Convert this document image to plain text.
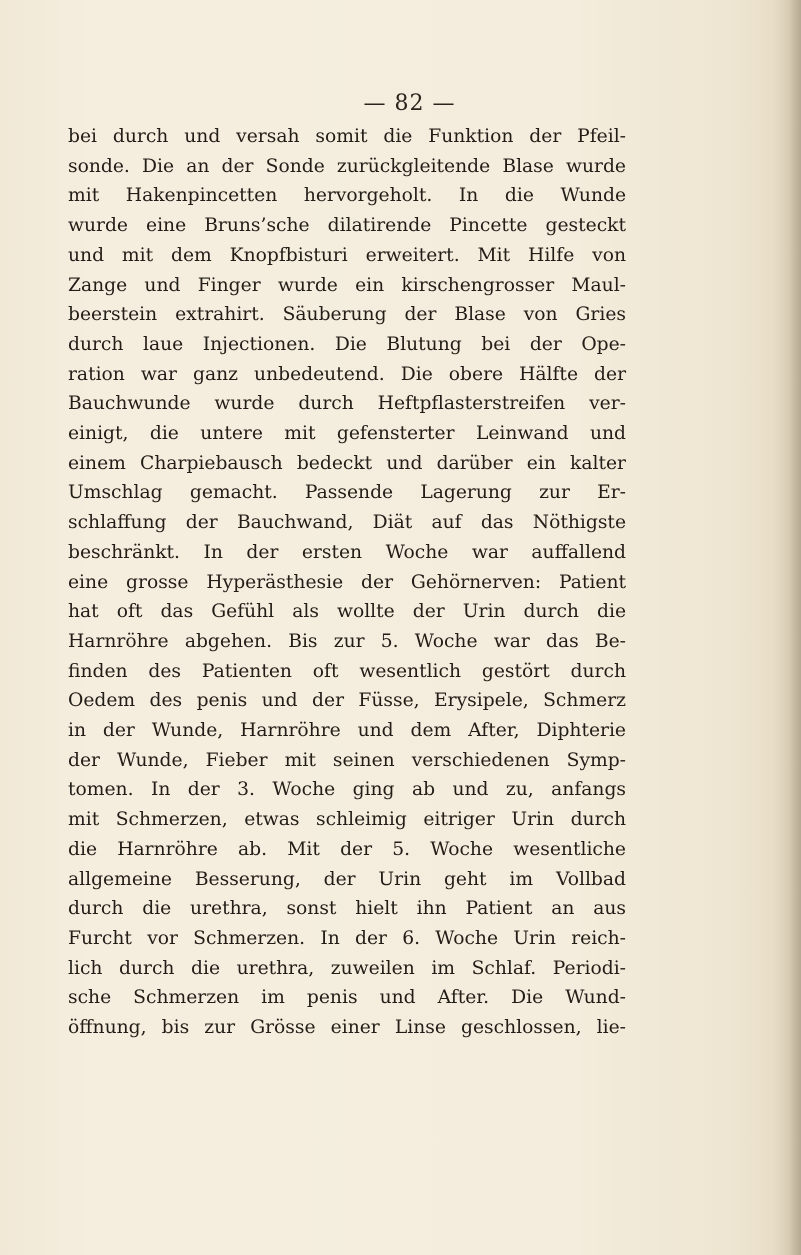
— 82 —
bei durch und versah somit die Funktion der Pfeil-
sonde. Die an der Sonde zurückgleitende Blase wurde
mit Hakenpincetten hervorgeholt. In die Wunde
wurde eine Bruns’sche dilatirende Pincette gesteckt
und mit dem Knopfbisturi erweitert. Mit Hilfe von
Zange und Finger wurde ein kirschengrosser Maul-
beerstein extrahirt. Säuberung der Blase von Gries
durch laue Injectionen. Die Blutung bei der Ope-
ration war ganz unbedeutend. Die obere Hälfte der
Bauchwunde wurde durch Heftpflasterstreifen ver-
einigt, die untere mit gefensterter Leinwand und
einem Charpiebausch bedeckt und darüber ein kalter
Umschlag gemacht. Passende Lagerung zur Er-
schlaffung der Bauchwand, Diät auf das Nöthigste
beschränkt. In der ersten Woche war auffallend
eine grosse Hyperästhesie der Gehörnerven: Patient
hat oft das Gefühl als wollte der Urin durch die
Harnröhre abgehen. Bis zur 5. Woche war das Be-
finden des Patienten oft wesentlich gestört durch
Oedem des penis und der Füsse, Erysipele, Schmerz
in der Wunde, Harnröhre und dem After, Diphterie
der Wunde, Fieber mit seinen verschiedenen Symp-
tomen. In der 3. Woche ging ab und zu, anfangs
mit Schmerzen, etwas schleimig eitriger Urin durch
die Harnröhre ab. Mit der 5. Woche wesentliche
allgemeine Besserung, der Urin geht im Vollbad
durch die urethra, sonst hielt ihn Patient an aus
Furcht vor Schmerzen. In der 6. Woche Urin reich-
lich durch die urethra, zuweilen im Schlaf. Periodi-
sche Schmerzen im penis und After. Die Wund-
öffnung, bis zur Grösse einer Linse geschlossen, lie-
